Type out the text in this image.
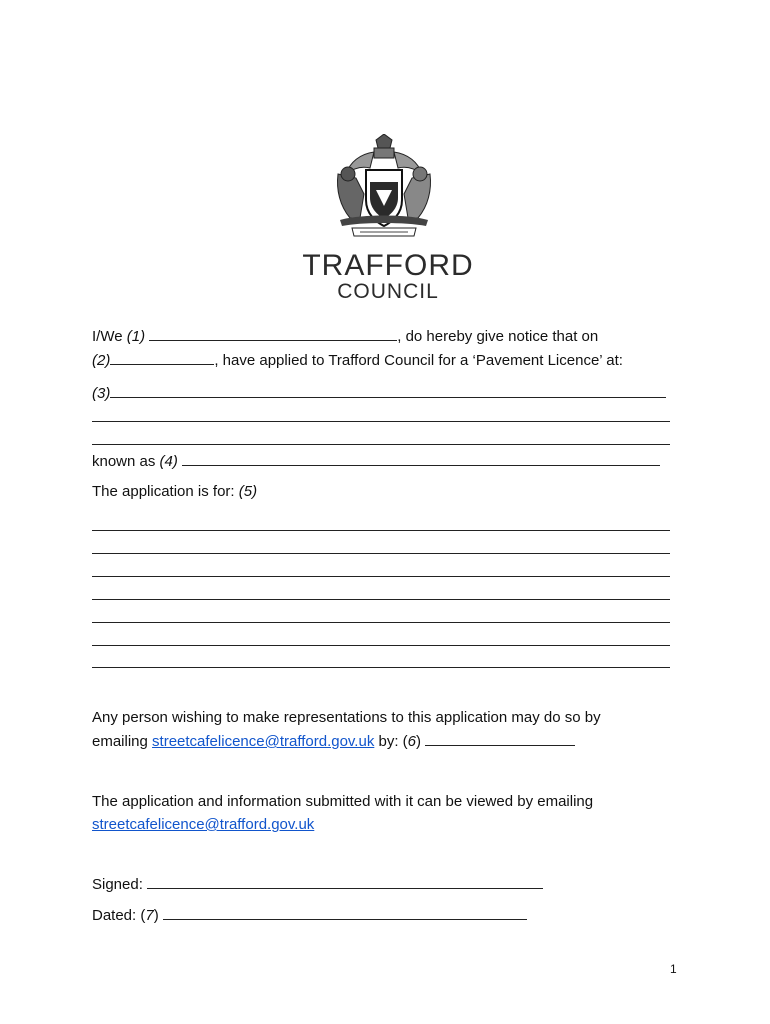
TRAFFORD
COUNCIL
I/We (1)	, do hereby give notice that on
(2)	, have applied to Trafford Council for a ‘Pavement Licence’ at:
(3)
known as (4)
The application is for: (5)
Any person wishing to make representations to this application may do so by
emailing streetcafelicence@trafford.gov.uk by: (6)
The application and information submitted with it can be viewed by emailing
streetcafelicence@trafford.gov.uk
Signed:
Dated: (7)
1
